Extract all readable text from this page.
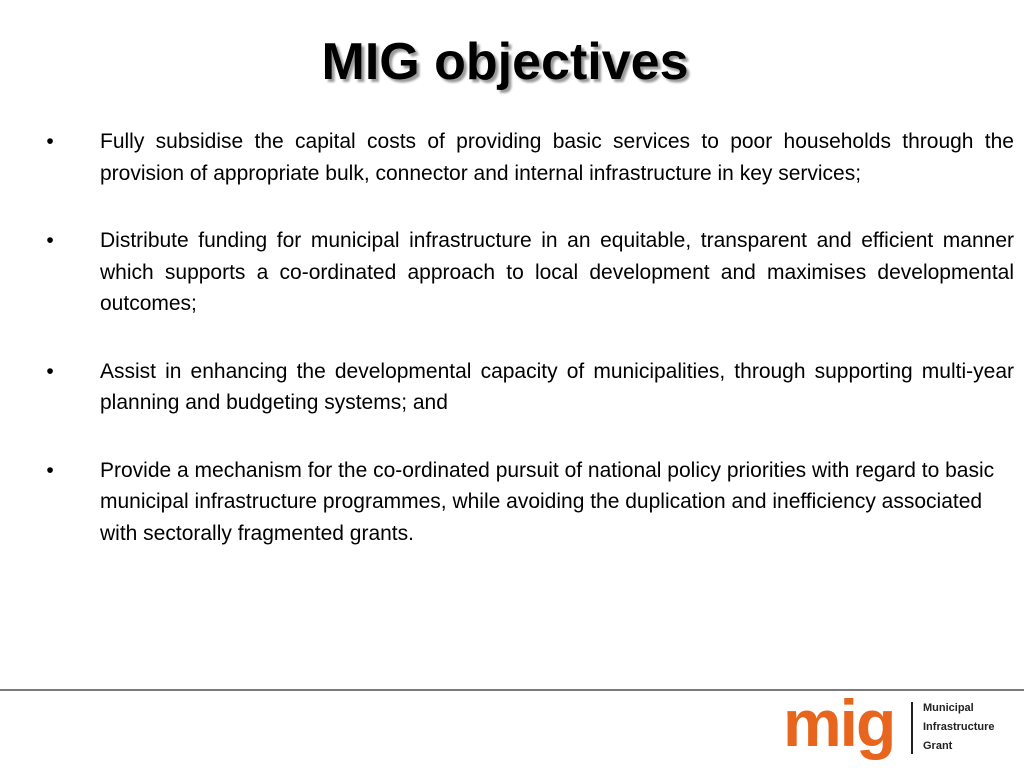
MIG objectives
•	Fully subsidise the capital costs of providing basic services to poor households through the provision of appropriate bulk, connector and internal infrastructure in key services;
•	Distribute funding for municipal infrastructure in an equitable, transparent and efficient manner which supports a co-ordinated approach to local development and maximises developmental outcomes;
•	Assist in enhancing the developmental capacity of municipalities, through supporting multi-year planning and budgeting systems; and
•	Provide a mechanism for the co-ordinated pursuit of national policy priorities with regard to basic municipal infrastructure programmes, while avoiding the duplication and inefficiency associated with sectorally fragmented grants.
mig	Municipal
Infrastructure
Grant
